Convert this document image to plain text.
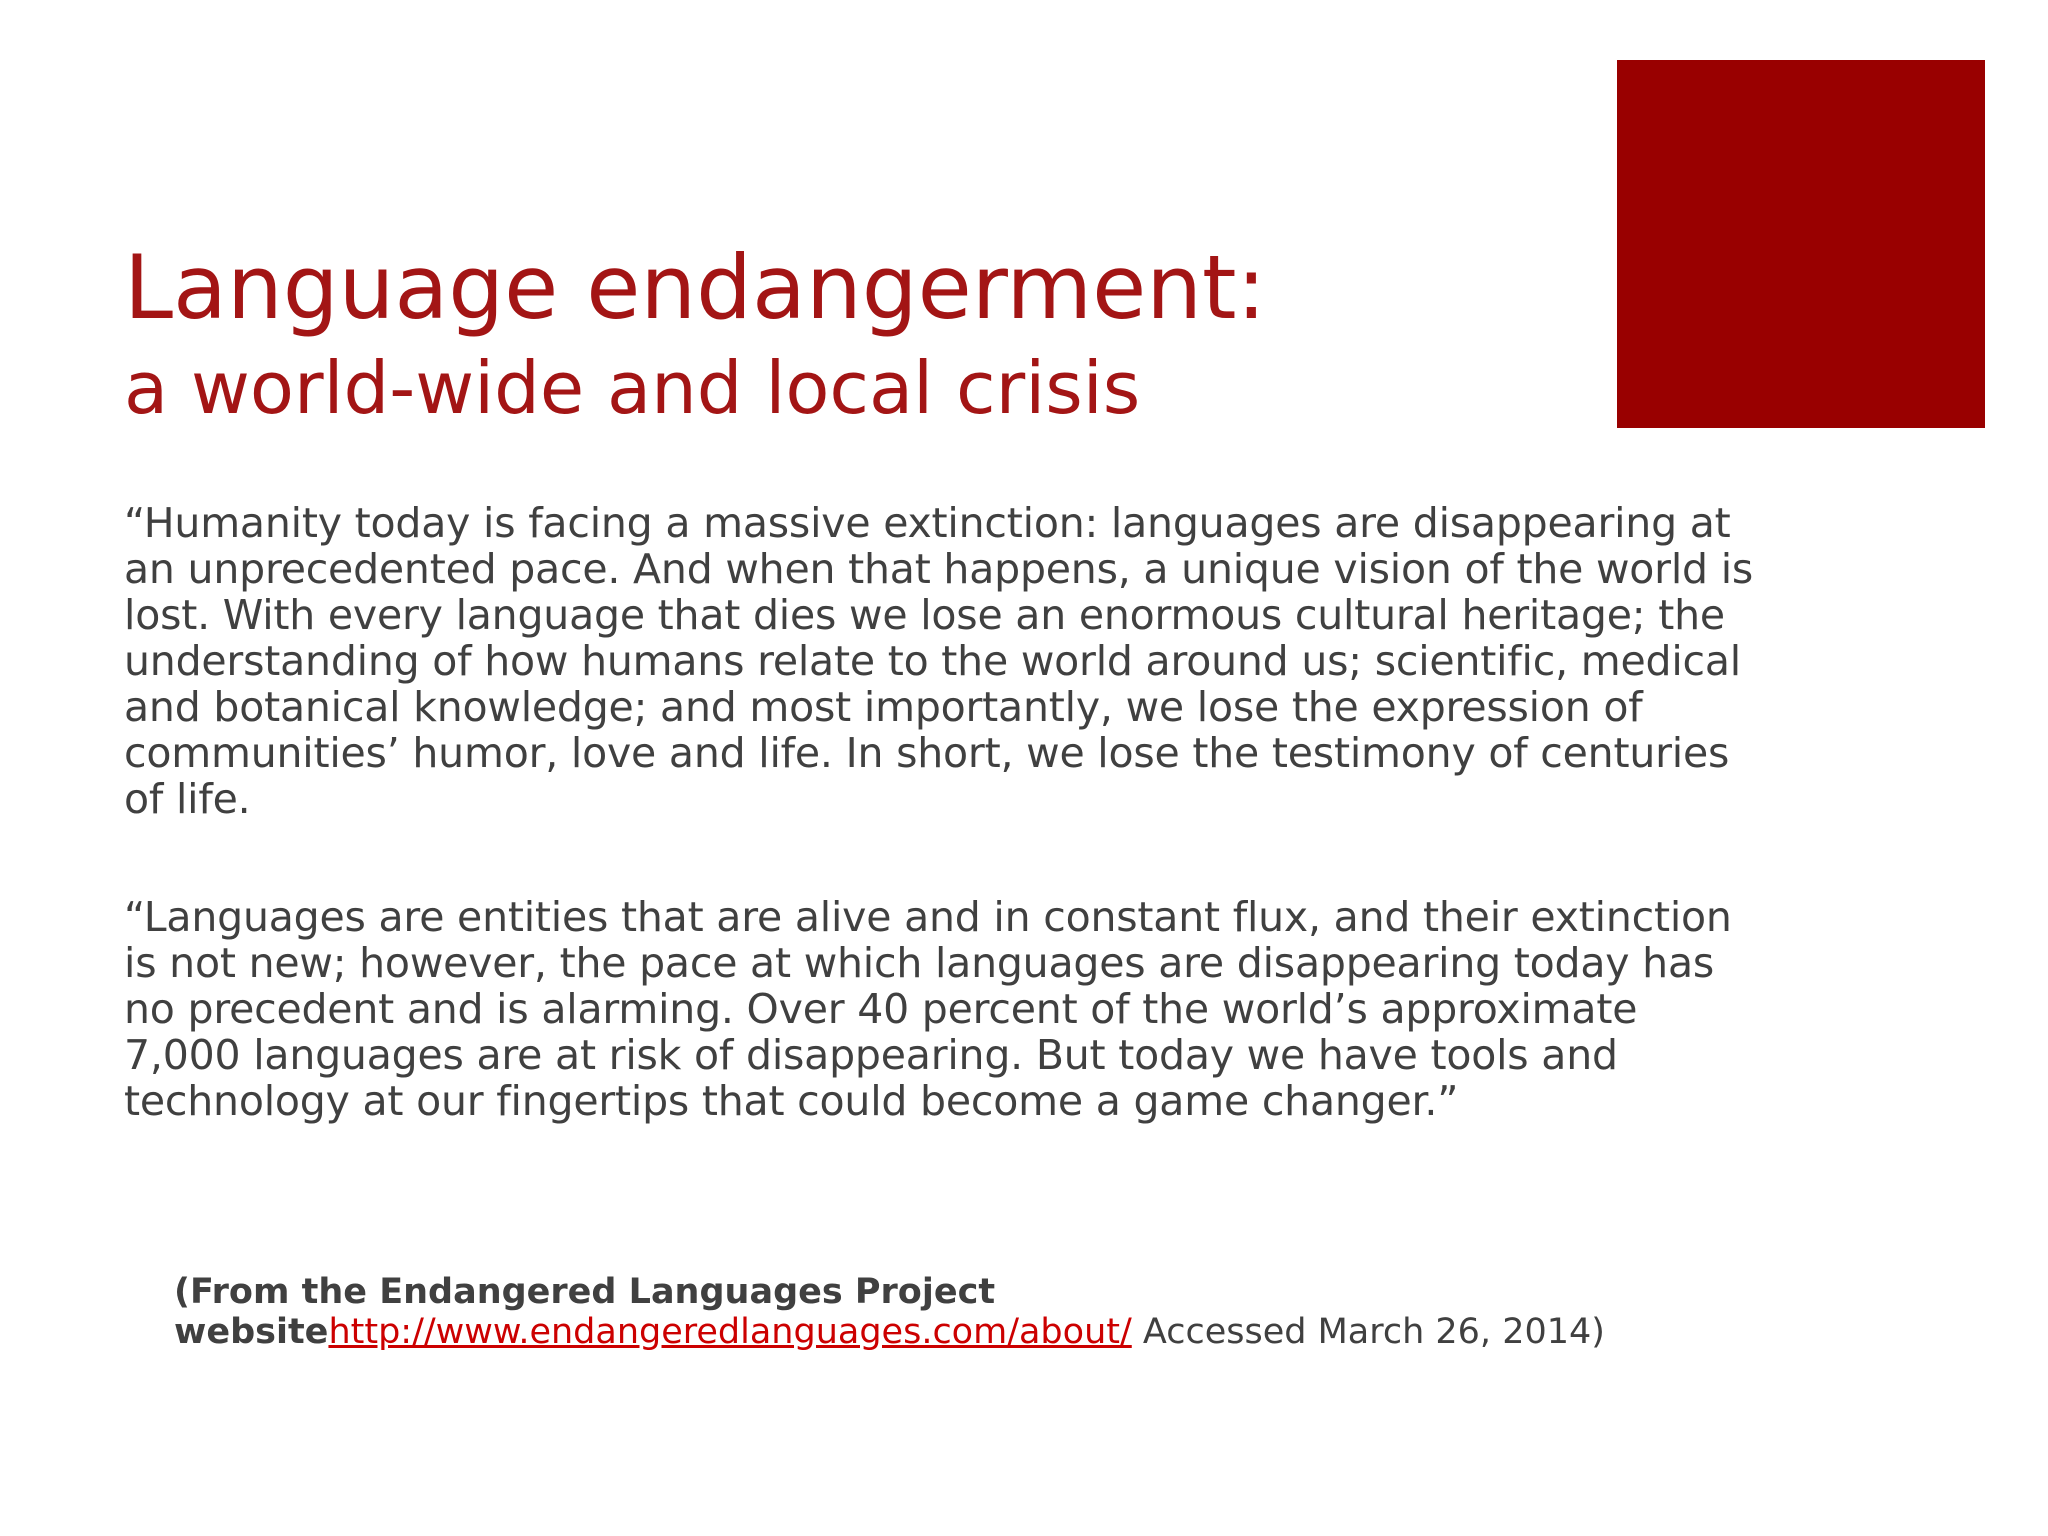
Language endangerment:
a world-wide and local crisis

“Humanity today is facing a massive extinction: languages are disappearing at an unprecedented pace. And when that happens, a unique vision of the world is lost. With every language that dies we lose an enormous cultural heritage; the understanding of how humans relate to the world around us; scientific, medical and botanical knowledge; and most importantly, we lose the expression of communities’ humor, love and life. In short, we lose the testimony of centuries of life.

“Languages are entities that are alive and in constant flux, and their extinction is not new; however, the pace at which languages are disappearing today has no precedent and is alarming. Over 40 percent of the world’s approximate 7,000 languages are at risk of disappearing. But today we have tools and technology at our fingertips that could become a game changer.”

(From the Endangered Languages Project
websitehttp://www.endangeredlanguages.com/about/ Accessed March 26, 2014)
